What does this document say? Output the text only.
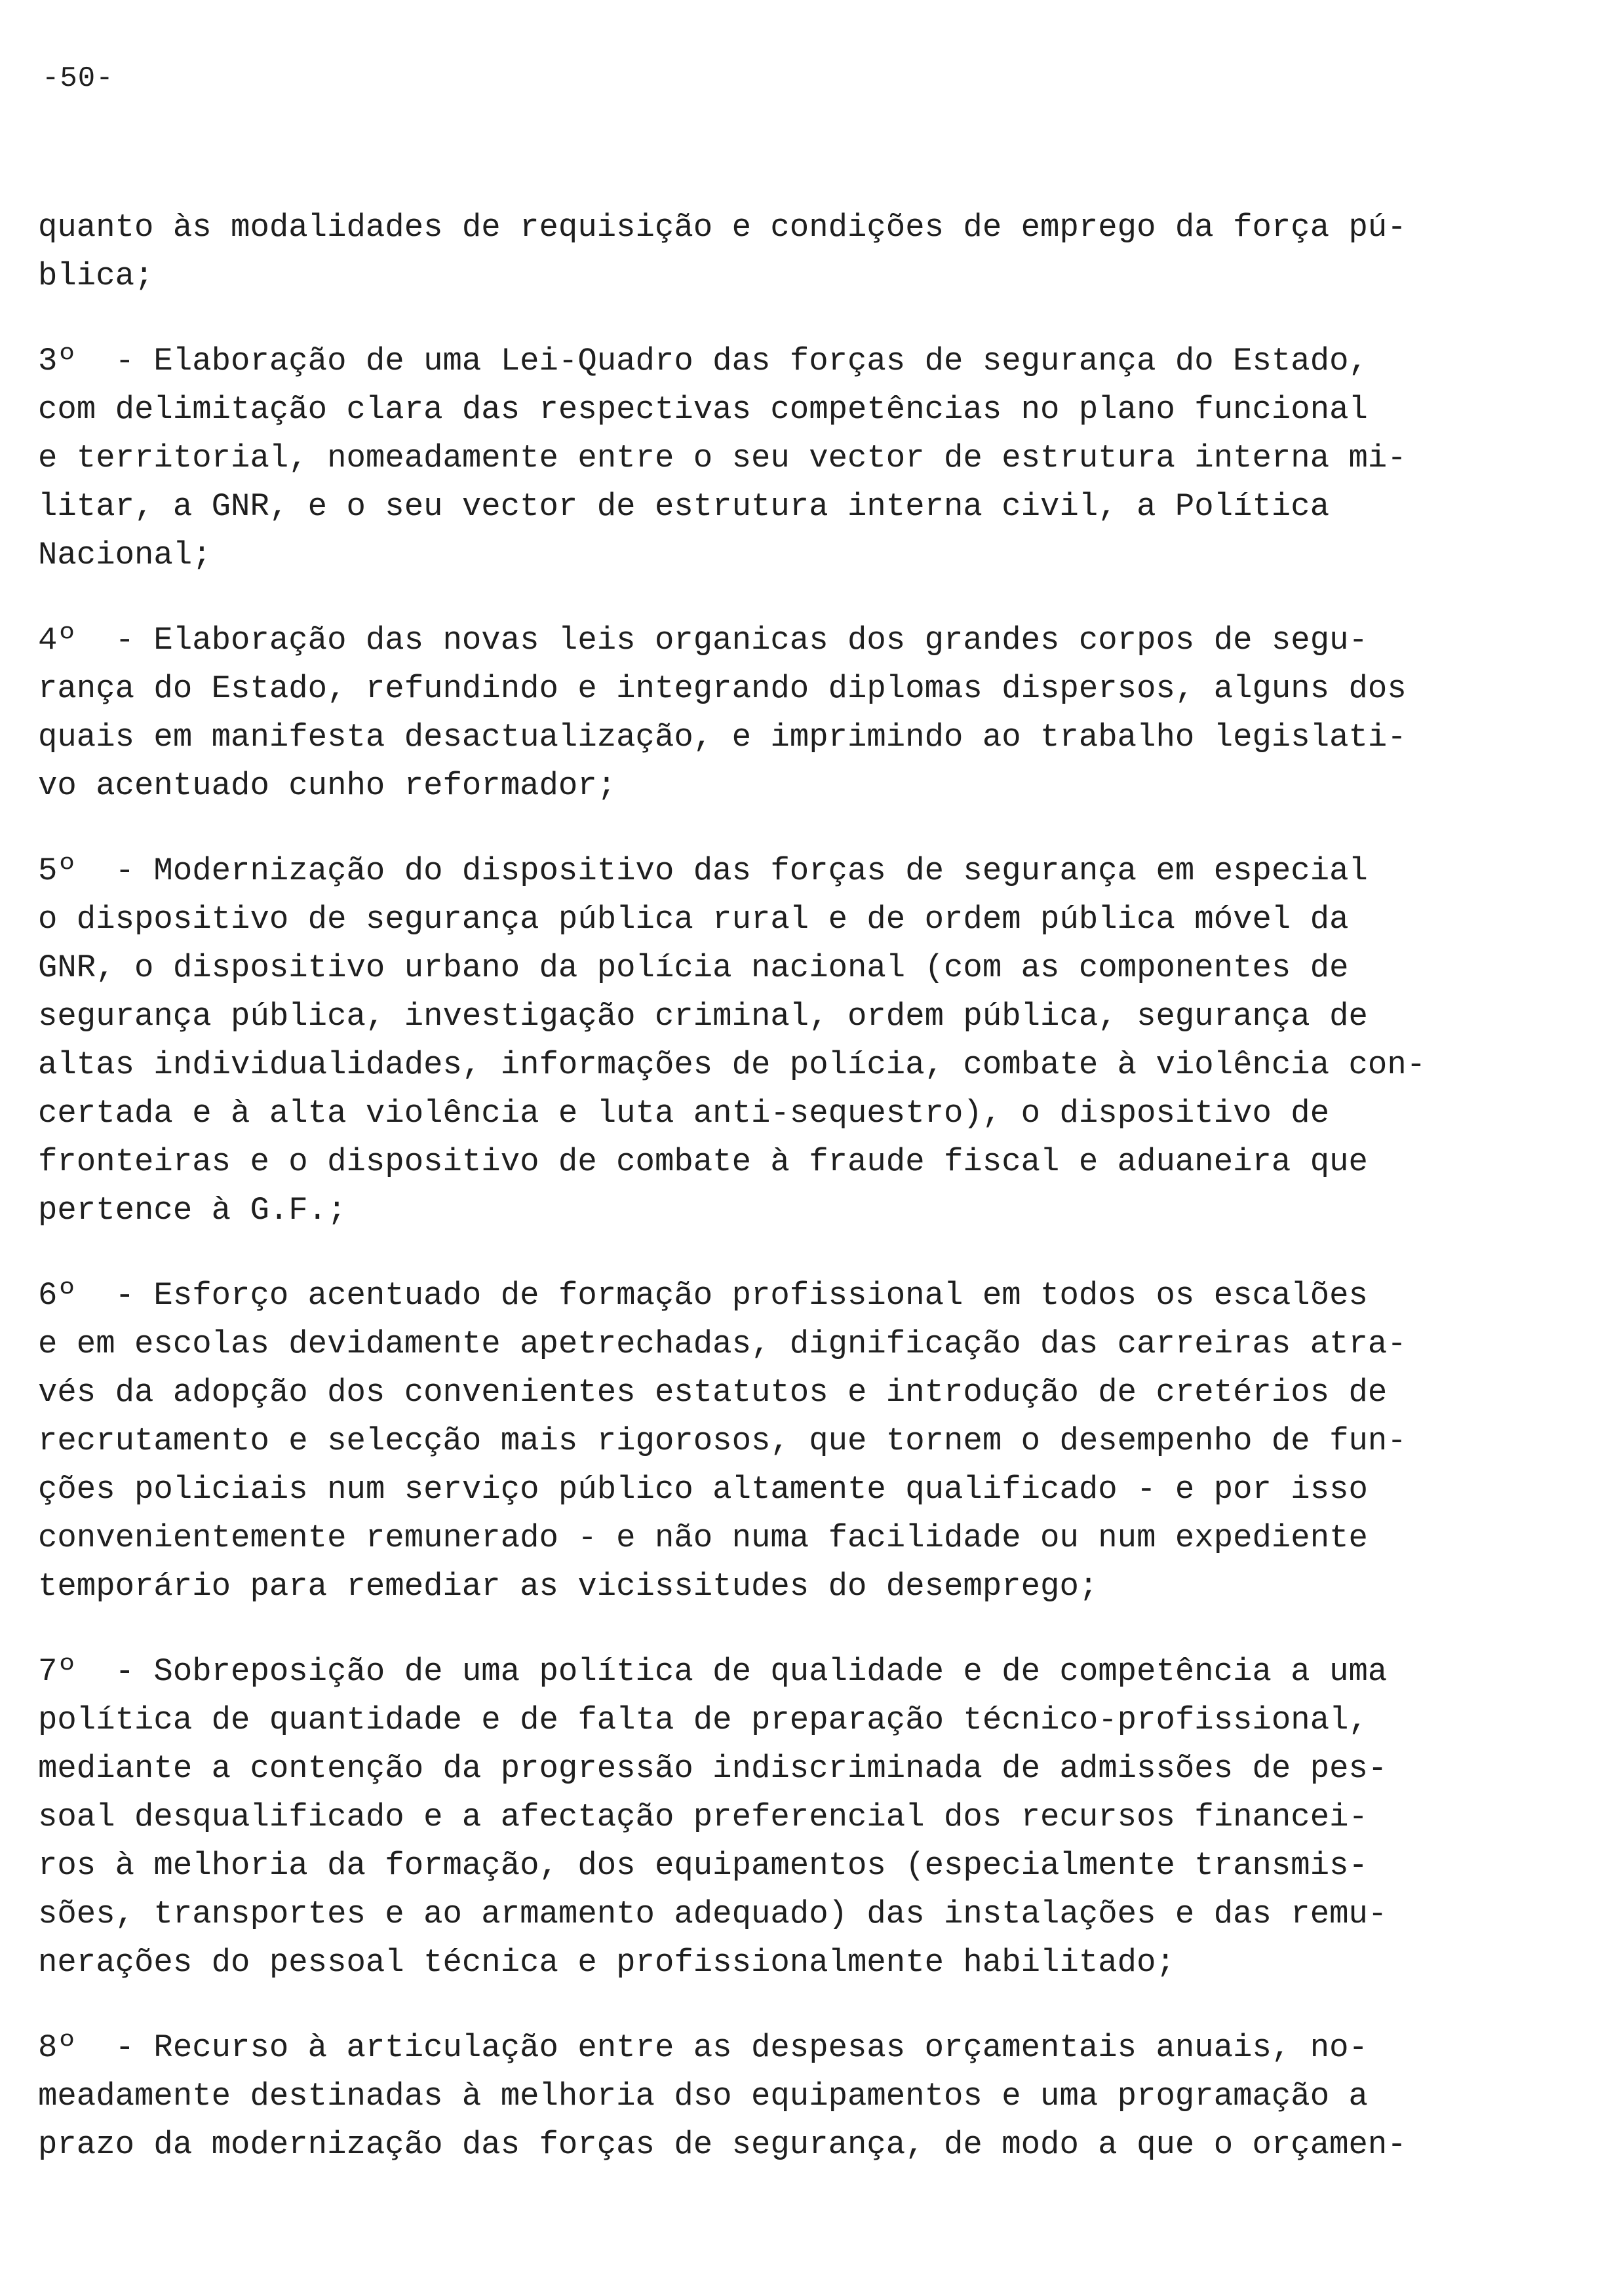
-50-

quanto às modalidades de requisição e condições de emprego da força pú-
blica;

3º  - Elaboração de uma Lei-Quadro das forças de segurança do Estado,
com delimitação clara das respectivas competências no plano funcional
e territorial, nomeadamente entre o seu vector de estrutura interna mi-
litar, a GNR, e o seu vector de estrutura interna civil, a Política
Nacional;

4º  - Elaboração das novas leis organicas dos grandes corpos de segu-
rança do Estado, refundindo e integrando diplomas dispersos, alguns dos
quais em manifesta desactualização, e imprimindo ao trabalho legislati-
vo acentuado cunho reformador;

5º  - Modernização do dispositivo das forças de segurança em especial
o dispositivo de segurança pública rural e de ordem pública móvel da
GNR, o dispositivo urbano da polícia nacional (com as componentes de
segurança pública, investigação criminal, ordem pública, segurança de
altas individualidades, informações de polícia, combate à violência con-
certada e à alta violência e luta anti-sequestro), o dispositivo de
fronteiras e o dispositivo de combate à fraude fiscal e aduaneira que
pertence à G.F.;

6º  - Esforço acentuado de formação profissional em todos os escalões
e em escolas devidamente apetrechadas, dignificação das carreiras atra-
vés da adopção dos convenientes estatutos e introdução de cretérios de
recrutamento e selecção mais rigorosos, que tornem o desempenho de fun-
ções policiais num serviço público altamente qualificado - e por isso
convenientemente remunerado - e não numa facilidade ou num expediente
temporário para remediar as vicissitudes do desemprego;

7º  - Sobreposição de uma política de qualidade e de competência a uma
política de quantidade e de falta de preparação técnico-profissional,
mediante a contenção da progressão indiscriminada de admissões de pes-
soal desqualificado e a afectação preferencial dos recursos financei-
ros à melhoria da formação, dos equipamentos (especialmente transmis-
sões, transportes e ao armamento adequado) das instalações e das remu-
nerações do pessoal técnica e profissionalmente habilitado;

8º  - Recurso à articulação entre as despesas orçamentais anuais, no-
meadamente destinadas à melhoria dso equipamentos e uma programação a
prazo da modernização das forças de segurança, de modo a que o orçamen-
